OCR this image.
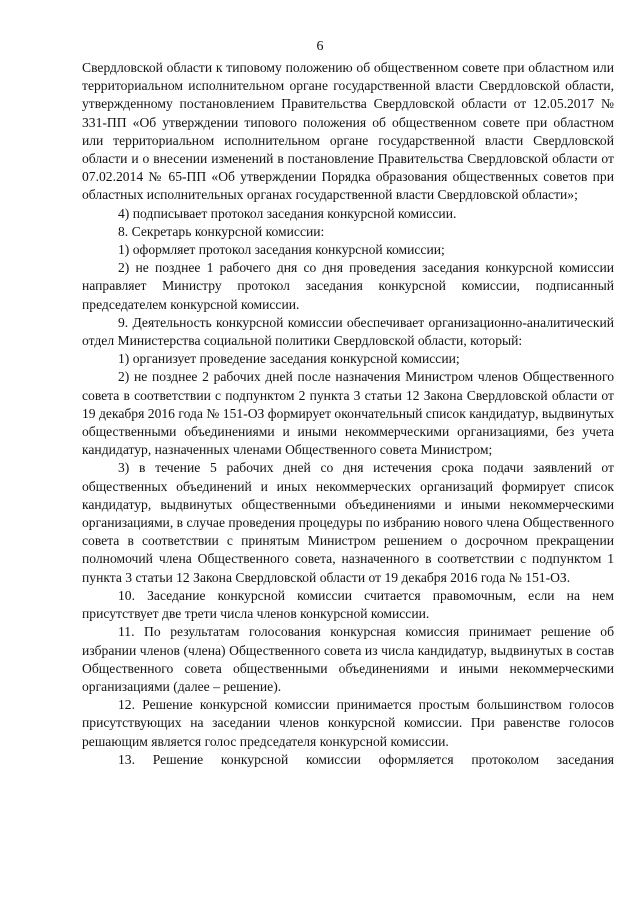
6

Свердловской области к типовому положению об общественном совете при областном или территориальном исполнительном органе государственной власти Свердловской области, утвержденному постановлением Правительства Свердловской области от 12.05.2017 № 331-ПП «Об утверждении типового положения об общественном совете при областном или территориальном исполнительном органе государственной власти Свердловской области и о внесении изменений в постановление Правительства Свердловской области от 07.02.2014 № 65-ПП «Об утверждении Порядка образования общественных советов при областных исполнительных органах государственной власти Свердловской области»;

4) подписывает протокол заседания конкурсной комиссии.

8. Секретарь конкурсной комиссии:

1) оформляет протокол заседания конкурсной комиссии;

2) не позднее 1 рабочего дня со дня проведения заседания конкурсной комиссии направляет Министру протокол заседания конкурсной комиссии, подписанный председателем конкурсной комиссии.

9. Деятельность конкурсной комиссии обеспечивает организационно-аналитический отдел Министерства социальной политики Свердловской области, который:

1) организует проведение заседания конкурсной комиссии;

2) не позднее 2 рабочих дней после назначения Министром членов Общественного совета в соответствии с подпунктом 2 пункта 3 статьи 12 Закона Свердловской области от 19 декабря 2016 года № 151-ОЗ формирует окончательный список кандидатур, выдвинутых общественными объединениями и иными некоммерческими организациями, без учета кандидатур, назначенных членами Общественного совета Министром;

3) в течение 5 рабочих дней со дня истечения срока подачи заявлений от общественных объединений и иных некоммерческих организаций формирует список кандидатур, выдвинутых общественными объединениями и иными некоммерческими организациями, в случае проведения процедуры по избранию нового члена Общественного совета в соответствии с принятым Министром решением о досрочном прекращении полномочий члена Общественного совета, назначенного в соответствии с подпунктом 1 пункта 3 статьи 12 Закона Свердловской области от 19 декабря 2016 года № 151-ОЗ.

10. Заседание конкурсной комиссии считается правомочным, если на нем присутствует две трети числа членов конкурсной комиссии.

11. По результатам голосования конкурсная комиссия принимает решение об избрании членов (члена) Общественного совета из числа кандидатур, выдвинутых в состав Общественного совета общественными объединениями и иными некоммерческими организациями (далее – решение).

12. Решение конкурсной комиссии принимается простым большинством голосов присутствующих на заседании членов конкурсной комиссии. При равенстве голосов решающим является голос председателя конкурсной комиссии.

13. Решение конкурсной комиссии оформляется протоколом заседания
